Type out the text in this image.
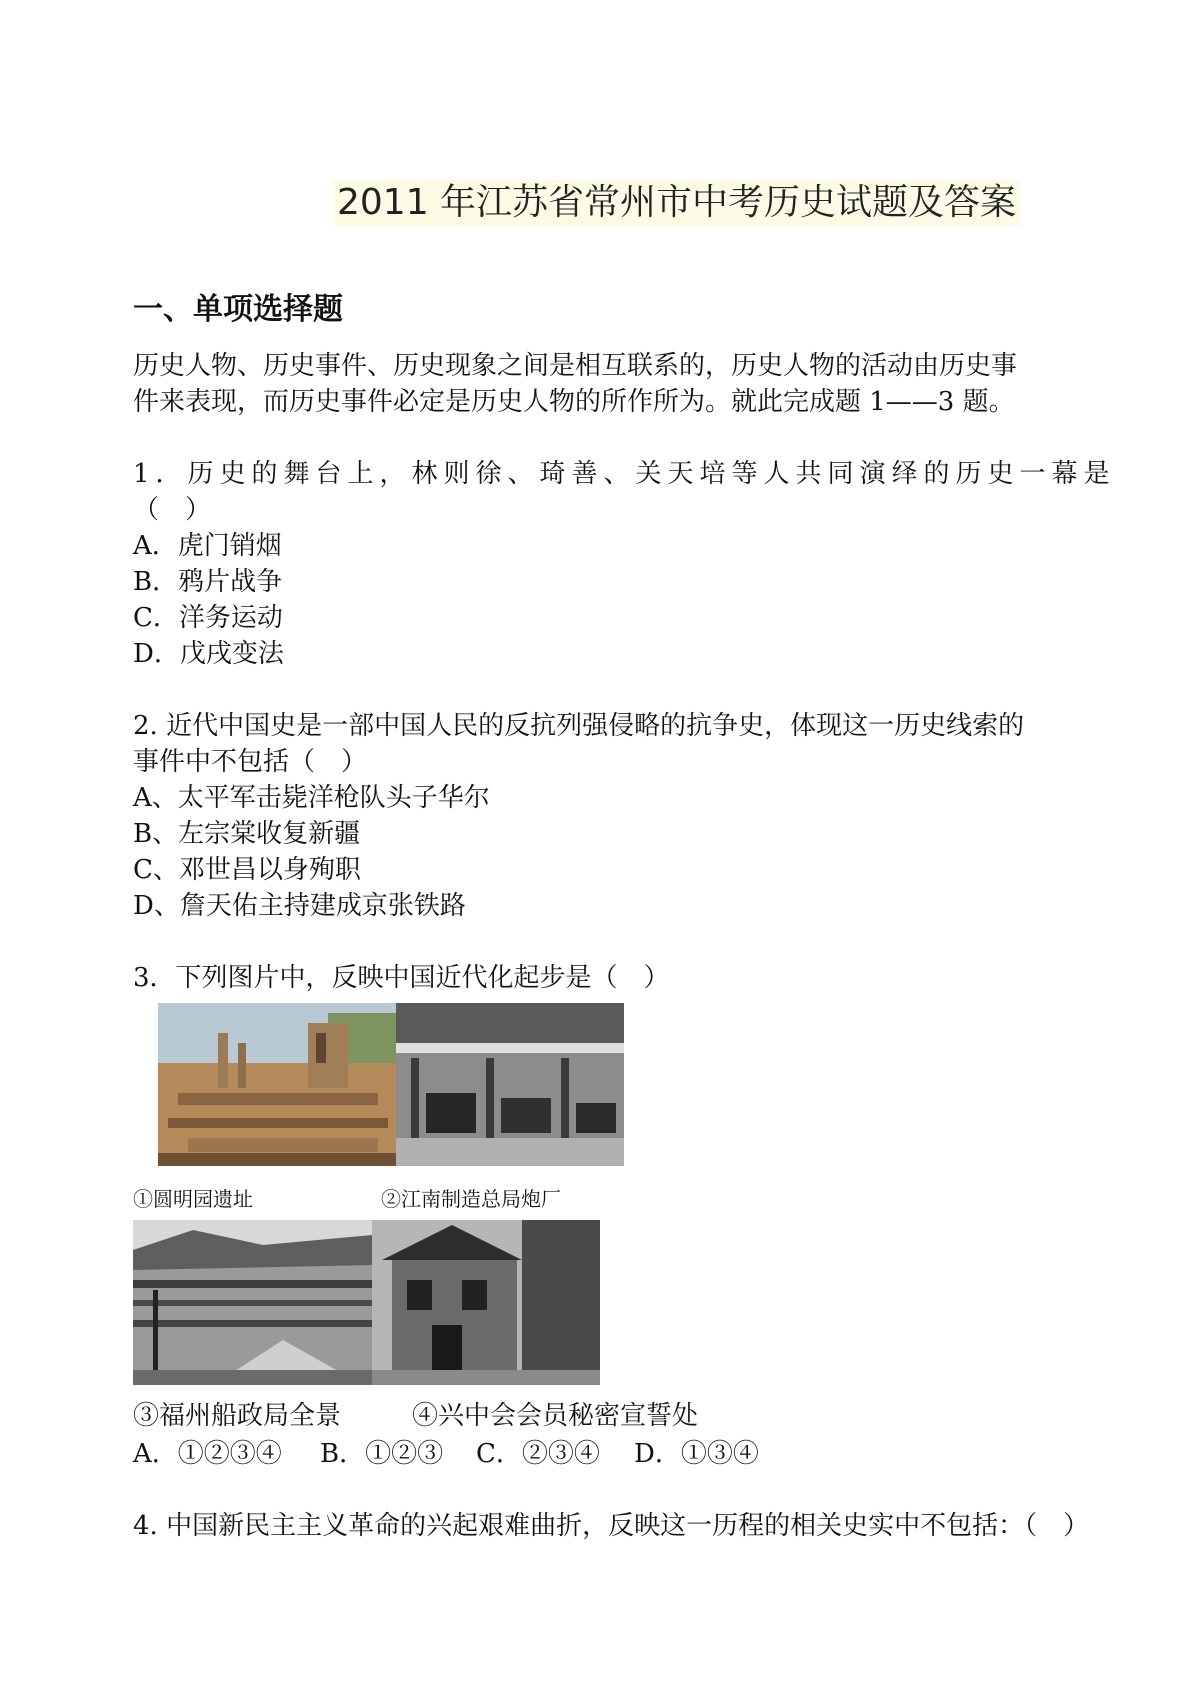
2011 年江苏省常州市中考历史试题及答案
一、单项选择题
历史人物、历史事件、历史现象之间是相互联系的，历史人物的活动由历史事
件来表现，而历史事件必定是历史人物的所作所为。就此完成题 1——3 题。
1．历史的舞台上，林则徐、琦善、关天培等人共同演绎的历史一幕是
（　）
A．虎门销烟
B．鸦片战争
C．洋务运动
D．戊戌变法
2. 近代中国史是一部中国人民的反抗列强侵略的抗争史，体现这一历史线索的
事件中不包括（　）
A、太平军击毙洋枪队头子华尔
B、左宗棠收复新疆
C、邓世昌以身殉职
D、詹天佑主持建成京张铁路
3．下列图片中，反映中国近代化起步是（　）
①圆明园遗址	②江南制造总局炮厂
③福州船政局全景	④兴中会会员秘密宣誓处
A．①②③④ B．①②③ C．②③④ D．①③④
4. 中国新民主主义革命的兴起艰难曲折，反映这一历程的相关史实中不包括：（　）
